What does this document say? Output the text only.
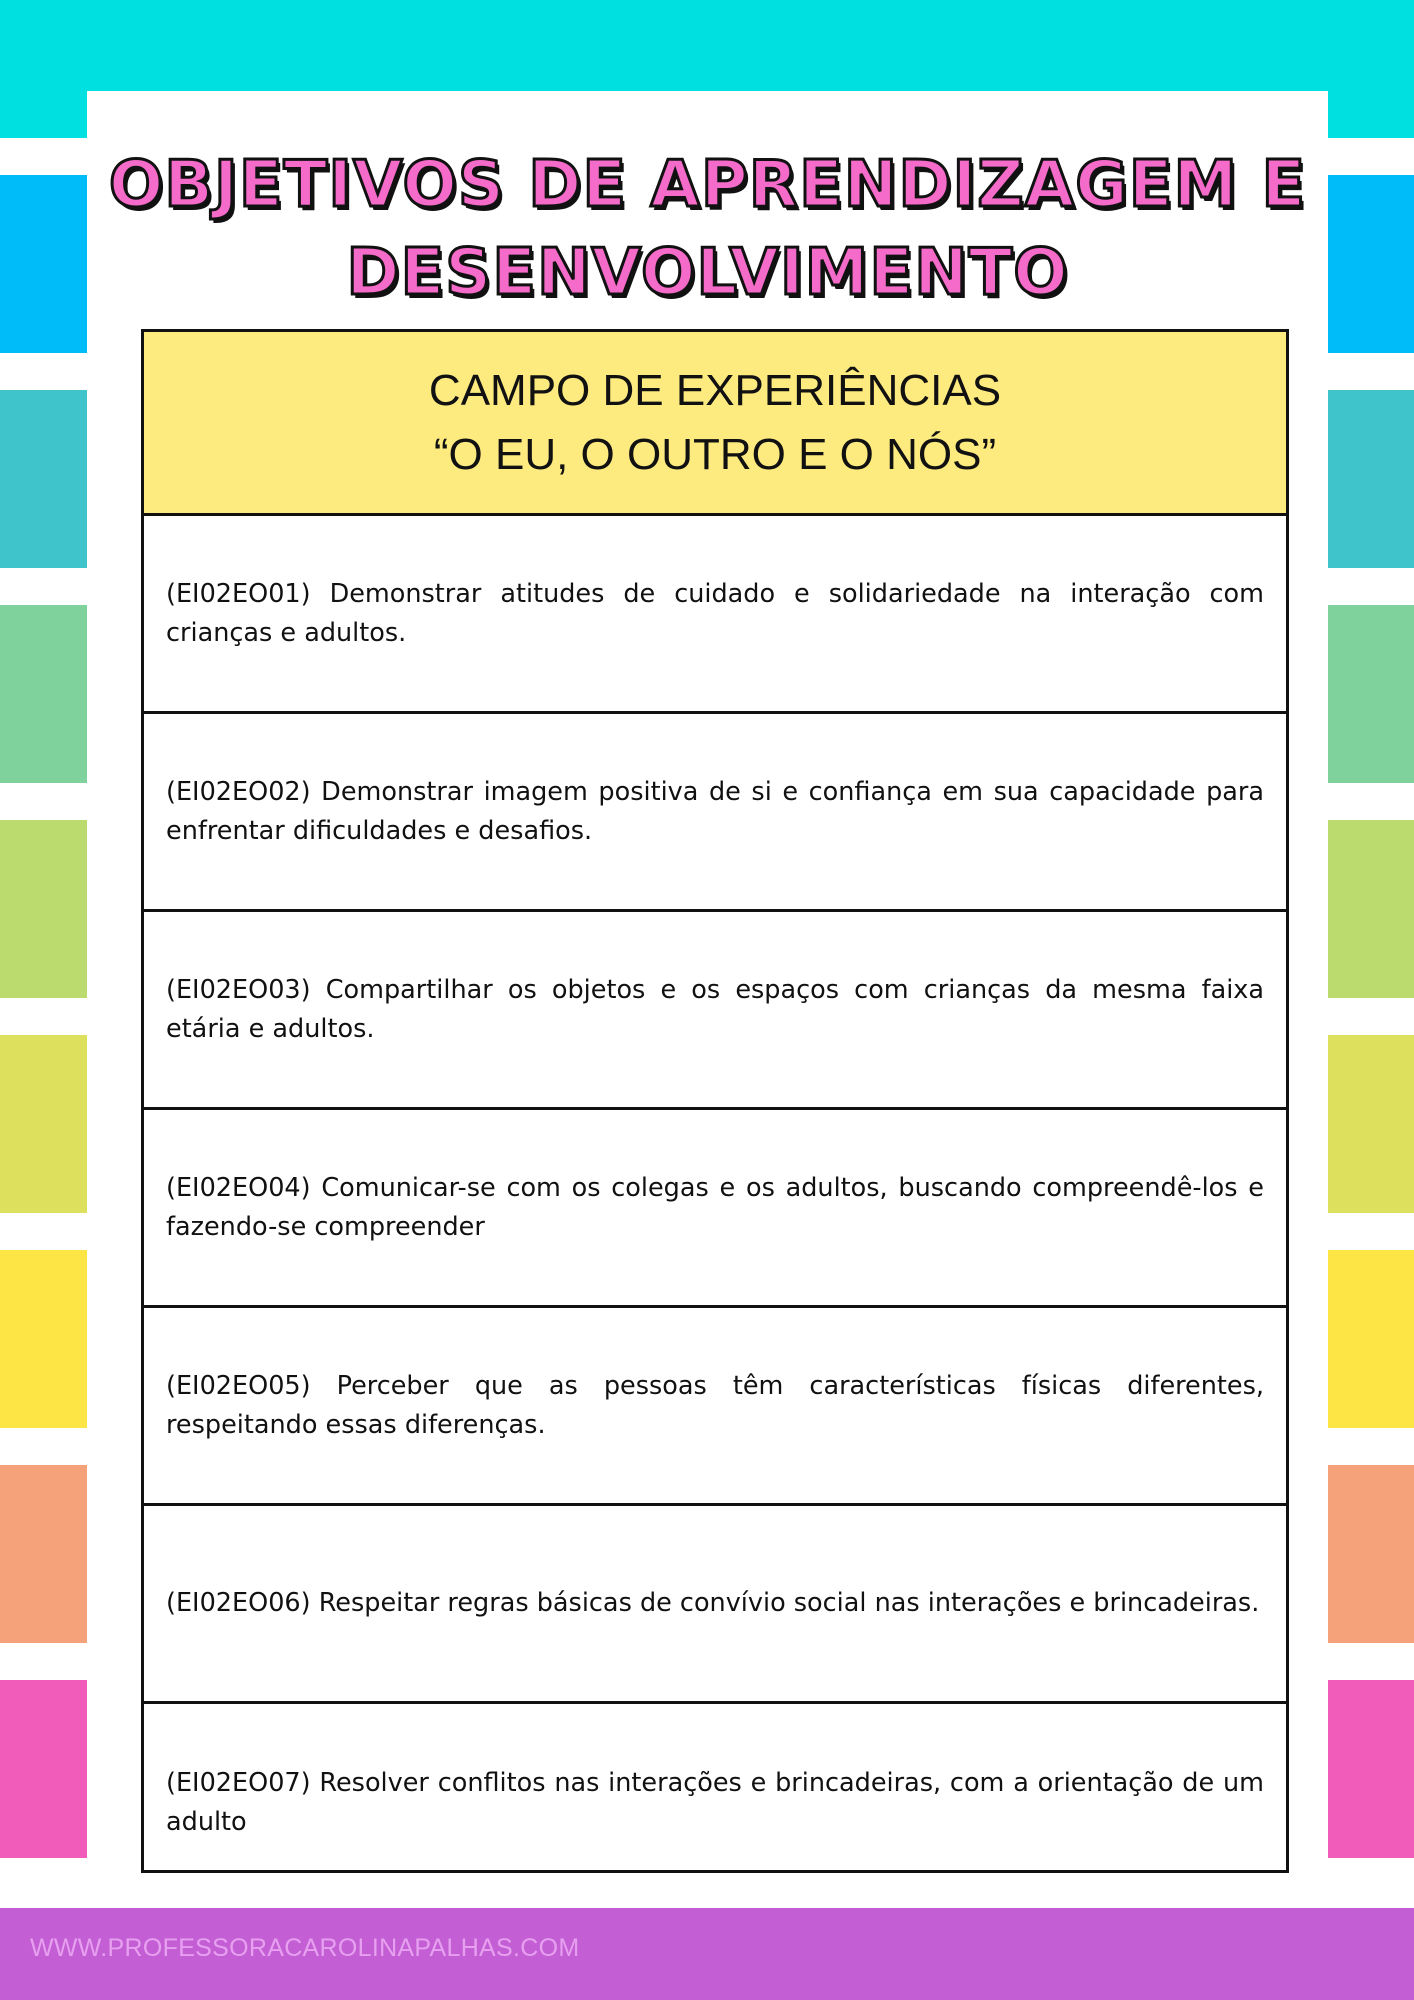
OBJETIVOS DE APRENDIZAGEM E
DESENVOLVIMENTO
CAMPO DE EXPERIÊNCIAS
“O EU, O OUTRO E O NÓS”
(EI02EO01) Demonstrar atitudes de cuidado e solidariedade na interação com crianças e adultos.
(EI02EO02) Demonstrar imagem positiva de si e confiança em sua capacidade para enfrentar dificuldades e desafios.
(EI02EO03) Compartilhar os objetos e os espaços com crianças da mesma faixa etária e adultos.
(EI02EO04) Comunicar-se com os colegas e os adultos, buscando compreendê-los e fazendo-se compreender
(EI02EO05) Perceber que as pessoas têm características físicas diferentes, respeitando essas diferenças.
(EI02EO06) Respeitar regras básicas de convívio social nas interações e brincadeiras.
(EI02EO07) Resolver conflitos nas interações e brincadeiras, com a orientação de um adulto
WWW.PROFESSORACAROLINAPALHAS.COM
